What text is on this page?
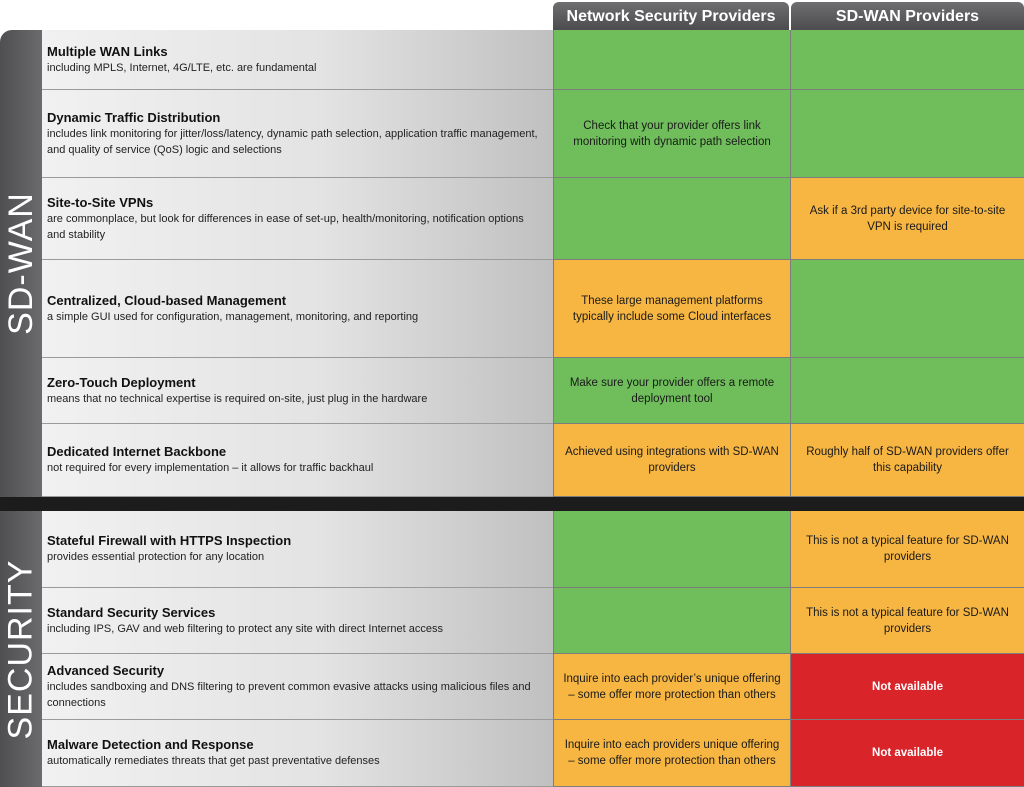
Network Security Providers	SD-WAN Providers
SD-WAN
SECURITY
Multiple WAN Links
including MPLS, Internet, 4G/LTE, etc. are fundamental
Dynamic Traffic Distribution
includes link monitoring for jitter/loss/latency, dynamic path selection, application traffic management, and quality of service (QoS) logic and selections
Check that your provider offers link monitoring with dynamic path selection
Site-to-Site VPNs
are commonplace, but look for differences in ease of set-up, health/monitoring, notification options and stability
Ask if a 3rd party device for site-to-site VPN is required
Centralized, Cloud-based Management
a simple GUI used for configuration, management, monitoring, and reporting
These large management platforms typically include some Cloud interfaces
Zero-Touch Deployment
means that no technical expertise is required on-site, just plug in the hardware
Make sure your provider offers a remote deployment tool
Dedicated Internet Backbone
not required for every implementation – it allows for traffic backhaul
Achieved using integrations with SD-WAN providers
Roughly half of SD-WAN providers offer this capability
Stateful Firewall with HTTPS Inspection
provides essential protection for any location
This is not a typical feature for SD-WAN providers
Standard Security Services
including IPS, GAV and web filtering to protect any site with direct Internet access
This is not a typical feature for SD-WAN providers
Advanced Security
includes sandboxing and DNS filtering to prevent common evasive attacks using malicious files and connections
Inquire into each provider’s unique offering – some offer more protection than others
Not available
Malware Detection and Response
automatically remediates threats that get past preventative defenses
Inquire into each providers unique offering – some offer more protection than others
Not available
